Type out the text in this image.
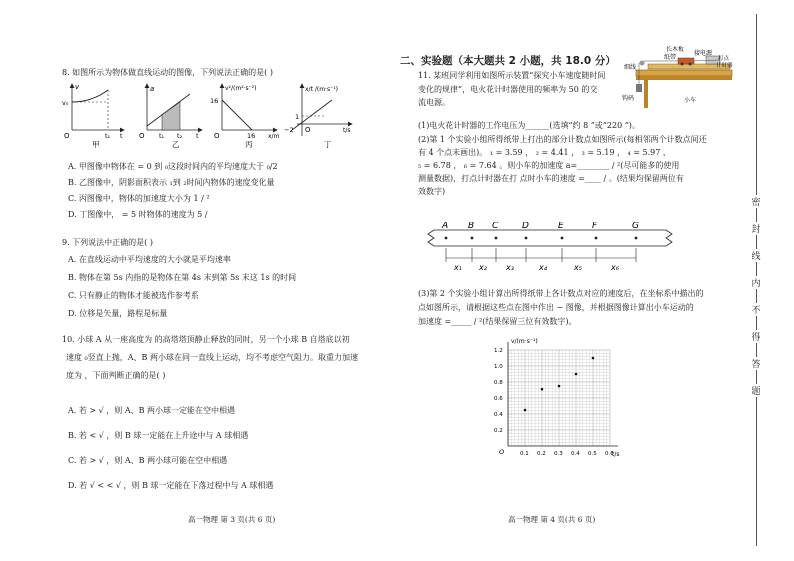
8. 如图所示为物体做直线运动的图像，下列说法正确的是( )
v
v₀
O	t₁ t
a
O t₁ t₂ t
v²/(m²·s⁻²)
16
O	16 x/m
x/t /(m·s⁻¹)
1
−2 O	t/s
甲	乙	丙	丁
A. 甲图像中物体在 = 0 到 ₀这段时间内的平均速度大于 ₀/2
B. 乙图像中，阴影面积表示 ₁到 ₂时间内物体的速度变化量
C. 丙图像中，物体的加速度大小为 1 / ²
D. 丁图像中， = 5 时物体的速度为 5 /
9. 下列说法中正确的是( )
A. 在直线运动中平均速度的大小就是平均速率
B. 物体在第 5s 内指的是物体在第 4s 末到第 5s 末这 1s 的时间
C. 只有静止的物体才能被选作参考系
D. 位移是矢量，路程是标量
10. 小球 A 从一座高度为 的高塔塔顶静止释放的同时，另一个小球 B 自塔底以初
速度 ₀竖直上抛，A、B 两小球在同一直线上运动，均不考虑空气阻力。取重力加速
度为 ，下面判断正确的是( )
A. 若 > √ ，则 A、B 两小球一定能在空中相遇
B. 若 < √ ，则 B 球一定能在上升途中与 A 球相遇
C. 若 > √ ，则 A、B 两小球可能在空中相遇
D. 若 √ < < √ ，则 B 球一定能在下落过程中与 A 球相遇
高一物理 第 3 页(共 6 页)
二、实验题（本大题共 2 小题，共 18.0 分）
11. 某班同学利用如图所示装置“探究小车速度随时间
变化的规律”，电火花计时器使用的频率为 50 的交
流电源。
长木板
接电源
打点
计时器
细线
纸带
钩码	小车
(1)电火花计时器的工作电压为______(选填“约 8 ”或“220 ”)。
(2)第 1 个实验小组所得纸带上打出的部分计数点如图所示(每相邻两个计数点间还
有 4 个点未画出)。 ₁ = 3.59 ， ₂ = 4.41 ， ₃ = 5.19 ， ₄ = 5.97 ，
₅ = 6.78 ， ₆ = 7.64 。则小车的加速度 a=________ / ²(尽可能多的使用
测量数据)，打点计时器在打 点时小车的速度 =____ / 。(结果均保留两位有
效数字)
A B C	D	E	F	G
x₁ x₂ x₃	x₄	x₅	x₆
(3)第 2 个实验小组计算出所得纸带上各计数点对应的速度后，在坐标系中描出的
点如图所示，请根据这些点在图中作出 − 图像，并根据图像计算出小车运动的
加速度 =_____ / ²(结果保留三位有效数字)。
v/(m·s⁻¹)
t/s
O
0.2
0.4
0.6
0.8
1.0
1.2
0.1 0.2 0.3 0.4 0.5 0.6
高一物理 第 4 页(共 6 页)
密
封
线
内
不
得
答
题
